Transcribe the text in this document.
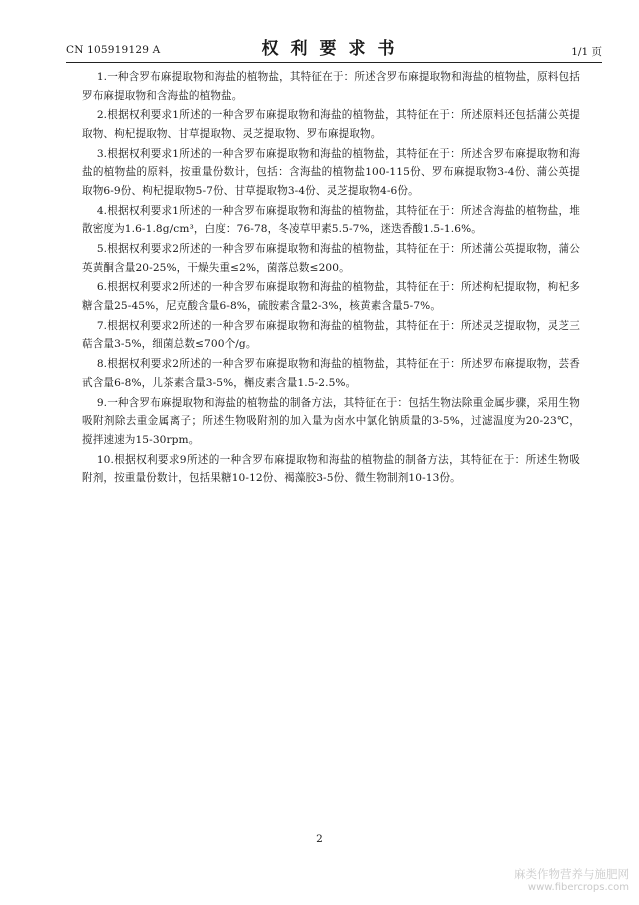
CN 105919129 A	权利要求书	1/1 页

1.一种含罗布麻提取物和海盐的植物盐，其特征在于：所述含罗布麻提取物和海盐的植物盐，原料包括罗布麻提取物和含海盐的植物盐。

2.根据权利要求1所述的一种含罗布麻提取物和海盐的植物盐，其特征在于：所述原料还包括蒲公英提取物、枸杞提取物、甘草提取物、灵芝提取物、罗布麻提取物。

3.根据权利要求1所述的一种含罗布麻提取物和海盐的植物盐，其特征在于：所述含罗布麻提取物和海盐的植物盐的原料，按重量份数计，包括：含海盐的植物盐100-115份、罗布麻提取物3-4份、蒲公英提取物6-9份、枸杞提取物5-7份、甘草提取物3-4份、灵芝提取物4-6份。

4.根据权利要求1所述的一种含罗布麻提取物和海盐的植物盐，其特征在于：所述含海盐的植物盐，堆散密度为1.6-1.8g/cm³，白度：76-78，冬凌草甲素5.5-7%，迷迭香酸1.5-1.6%。

5.根据权利要求2所述的一种含罗布麻提取物和海盐的植物盐，其特征在于：所述蒲公英提取物，蒲公英黄酮含量20-25%，干燥失重≤2%，菌落总数≤200。

6.根据权利要求2所述的一种含罗布麻提取物和海盐的植物盐，其特征在于：所述枸杞提取物，枸杞多糖含量25-45%，尼克酸含量6-8%，硫胺素含量2-3%，核黄素含量5-7%。

7.根据权利要求2所述的一种含罗布麻提取物和海盐的植物盐，其特征在于：所述灵芝提取物，灵芝三萜含量3-5%，细菌总数≤700个/g。

8.根据权利要求2所述的一种含罗布麻提取物和海盐的植物盐，其特征在于：所述罗布麻提取物，芸香甙含量6-8%，儿茶素含量3-5%，槲皮素含量1.5-2.5%。

9.一种含罗布麻提取物和海盐的植物盐的制备方法，其特征在于：包括生物法除重金属步骤，采用生物吸附剂除去重金属离子；所述生物吸附剂的加入量为卤水中氯化钠质量的3-5%，过滤温度为20-23℃，搅拌速速为15-30rpm。

10.根据权利要求9所述的一种含罗布麻提取物和海盐的植物盐的制备方法，其特征在于：所述生物吸附剂，按重量份数计，包括果糖10-12份、褐藻胶3-5份、微生物制剂10-13份。

2
麻类作物营养与施肥网
www.fibercrops.com
